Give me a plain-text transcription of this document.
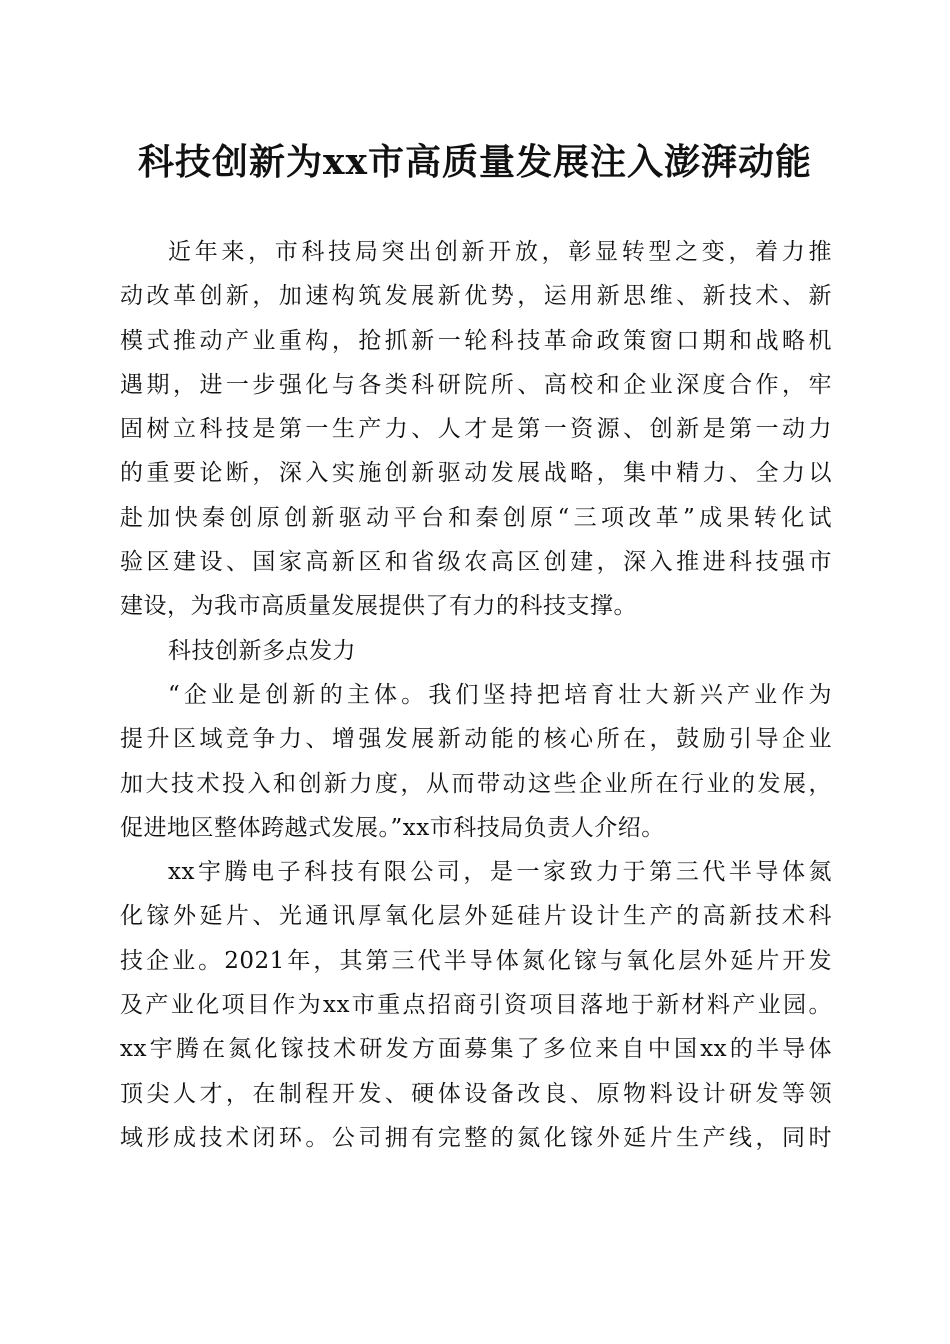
科技创新为xx市高质量发展注入澎湃动能
近年来，市科技局突出创新开放，彰显转型之变，着力推
动改革创新，加速构筑发展新优势，运用新思维、新技术、新
模式推动产业重构，抢抓新一轮科技革命政策窗口期和战略机
遇期，进一步强化与各类科研院所、高校和企业深度合作，牢
固树立科技是第一生产力、人才是第一资源、创新是第一动力
的重要论断，深入实施创新驱动发展战略，集中精力、全力以
赴加快秦创原创新驱动平台和秦创原“三项改革”成果转化试
验区建设、国家高新区和省级农高区创建，深入推进科技强市
建设，为我市高质量发展提供了有力的科技支撑。
科技创新多点发力
“企业是创新的主体。我们坚持把培育壮大新兴产业作为
提升区域竞争力、增强发展新动能的核心所在，鼓励引导企业
加大技术投入和创新力度，从而带动这些企业所在行业的发展，
促进地区整体跨越式发展。”xx市科技局负责人介绍。
xx宇腾电子科技有限公司，是一家致力于第三代半导体氮
化镓外延片、光通讯厚氧化层外延硅片设计生产的高新技术科
技企业。2021年，其第三代半导体氮化镓与氧化层外延片开发
及产业化项目作为xx市重点招商引资项目落地于新材料产业园。
xx宇腾在氮化镓技术研发方面募集了多位来自中国xx的半导体
顶尖人才，在制程开发、硬体设备改良、原物料设计研发等领
域形成技术闭环。公司拥有完整的氮化镓外延片生产线，同时
